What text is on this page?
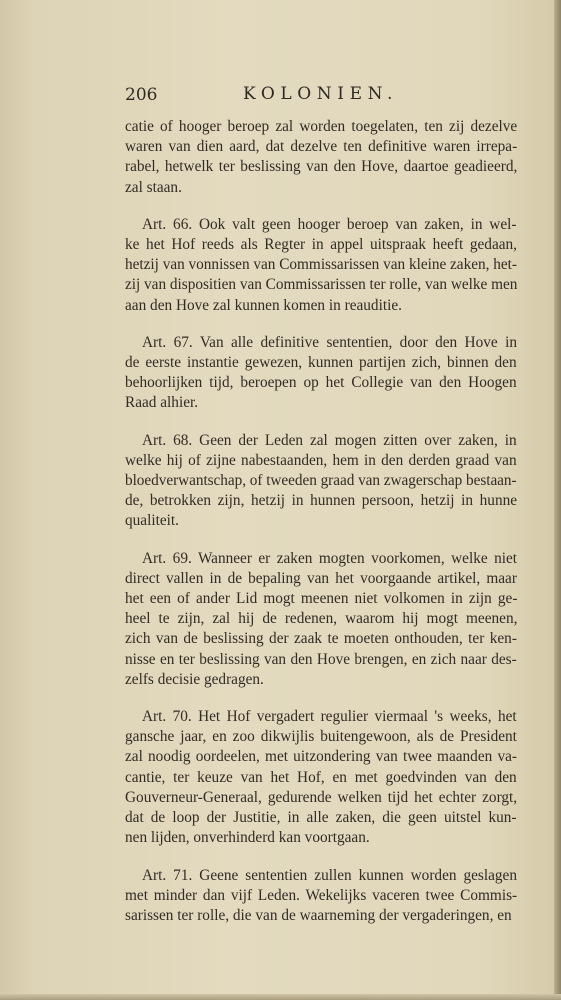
206	KOLONIEN.

catie of hooger beroep zal worden toegelaten, ten zij dezelve
waren van dien aard, dat dezelve ten definitive waren irrepa-
rabel, hetwelk ter beslissing van den Hove, daartoe geadieerd,
zal staan.

Art. 66. Ook valt geen hooger beroep van zaken, in wel-
ke het Hof reeds als Regter in appel uitspraak heeft gedaan,
hetzij van vonnissen van Commissarissen van kleine zaken, het-
zij van dispositien van Commissarissen ter rolle, van welke men
aan den Hove zal kunnen komen in reauditie.

Art. 67. Van alle definitive sententien, door den Hove in
de eerste instantie gewezen, kunnen partijen zich, binnen den
behoorlijken tijd, beroepen op het Collegie van den Hoogen
Raad alhier.

Art. 68. Geen der Leden zal mogen zitten over zaken, in
welke hij of zijne nabestaanden, hem in den derden graad van
bloedverwantschap, of tweeden graad van zwagerschap bestaan-
de, betrokken zijn, hetzij in hunnen persoon, hetzij in hunne
qualiteit.

Art. 69. Wanneer er zaken mogten voorkomen, welke niet
direct vallen in de bepaling van het voorgaande artikel, maar
het een of ander Lid mogt meenen niet volkomen in zijn ge-
heel te zijn, zal hij de redenen, waarom hij mogt meenen,
zich van de beslissing der zaak te moeten onthouden, ter ken-
nisse en ter beslissing van den Hove brengen, en zich naar des-
zelfs decisie gedragen.

Art. 70. Het Hof vergadert regulier viermaal 's weeks, het
gansche jaar, en zoo dikwijlis buitengewoon, als de President
zal noodig oordeelen, met uitzondering van twee maanden va-
cantie, ter keuze van het Hof, en met goedvinden van den
Gouverneur-Generaal, gedurende welken tijd het echter zorgt,
dat de loop der Justitie, in alle zaken, die geen uitstel kun-
nen lijden, onverhinderd kan voortgaan.

Art. 71. Geene sententien zullen kunnen worden geslagen
met minder dan vijf Leden. Wekelijks vaceren twee Commis-
sarissen ter rolle, die van de waarneming der vergaderingen, en
